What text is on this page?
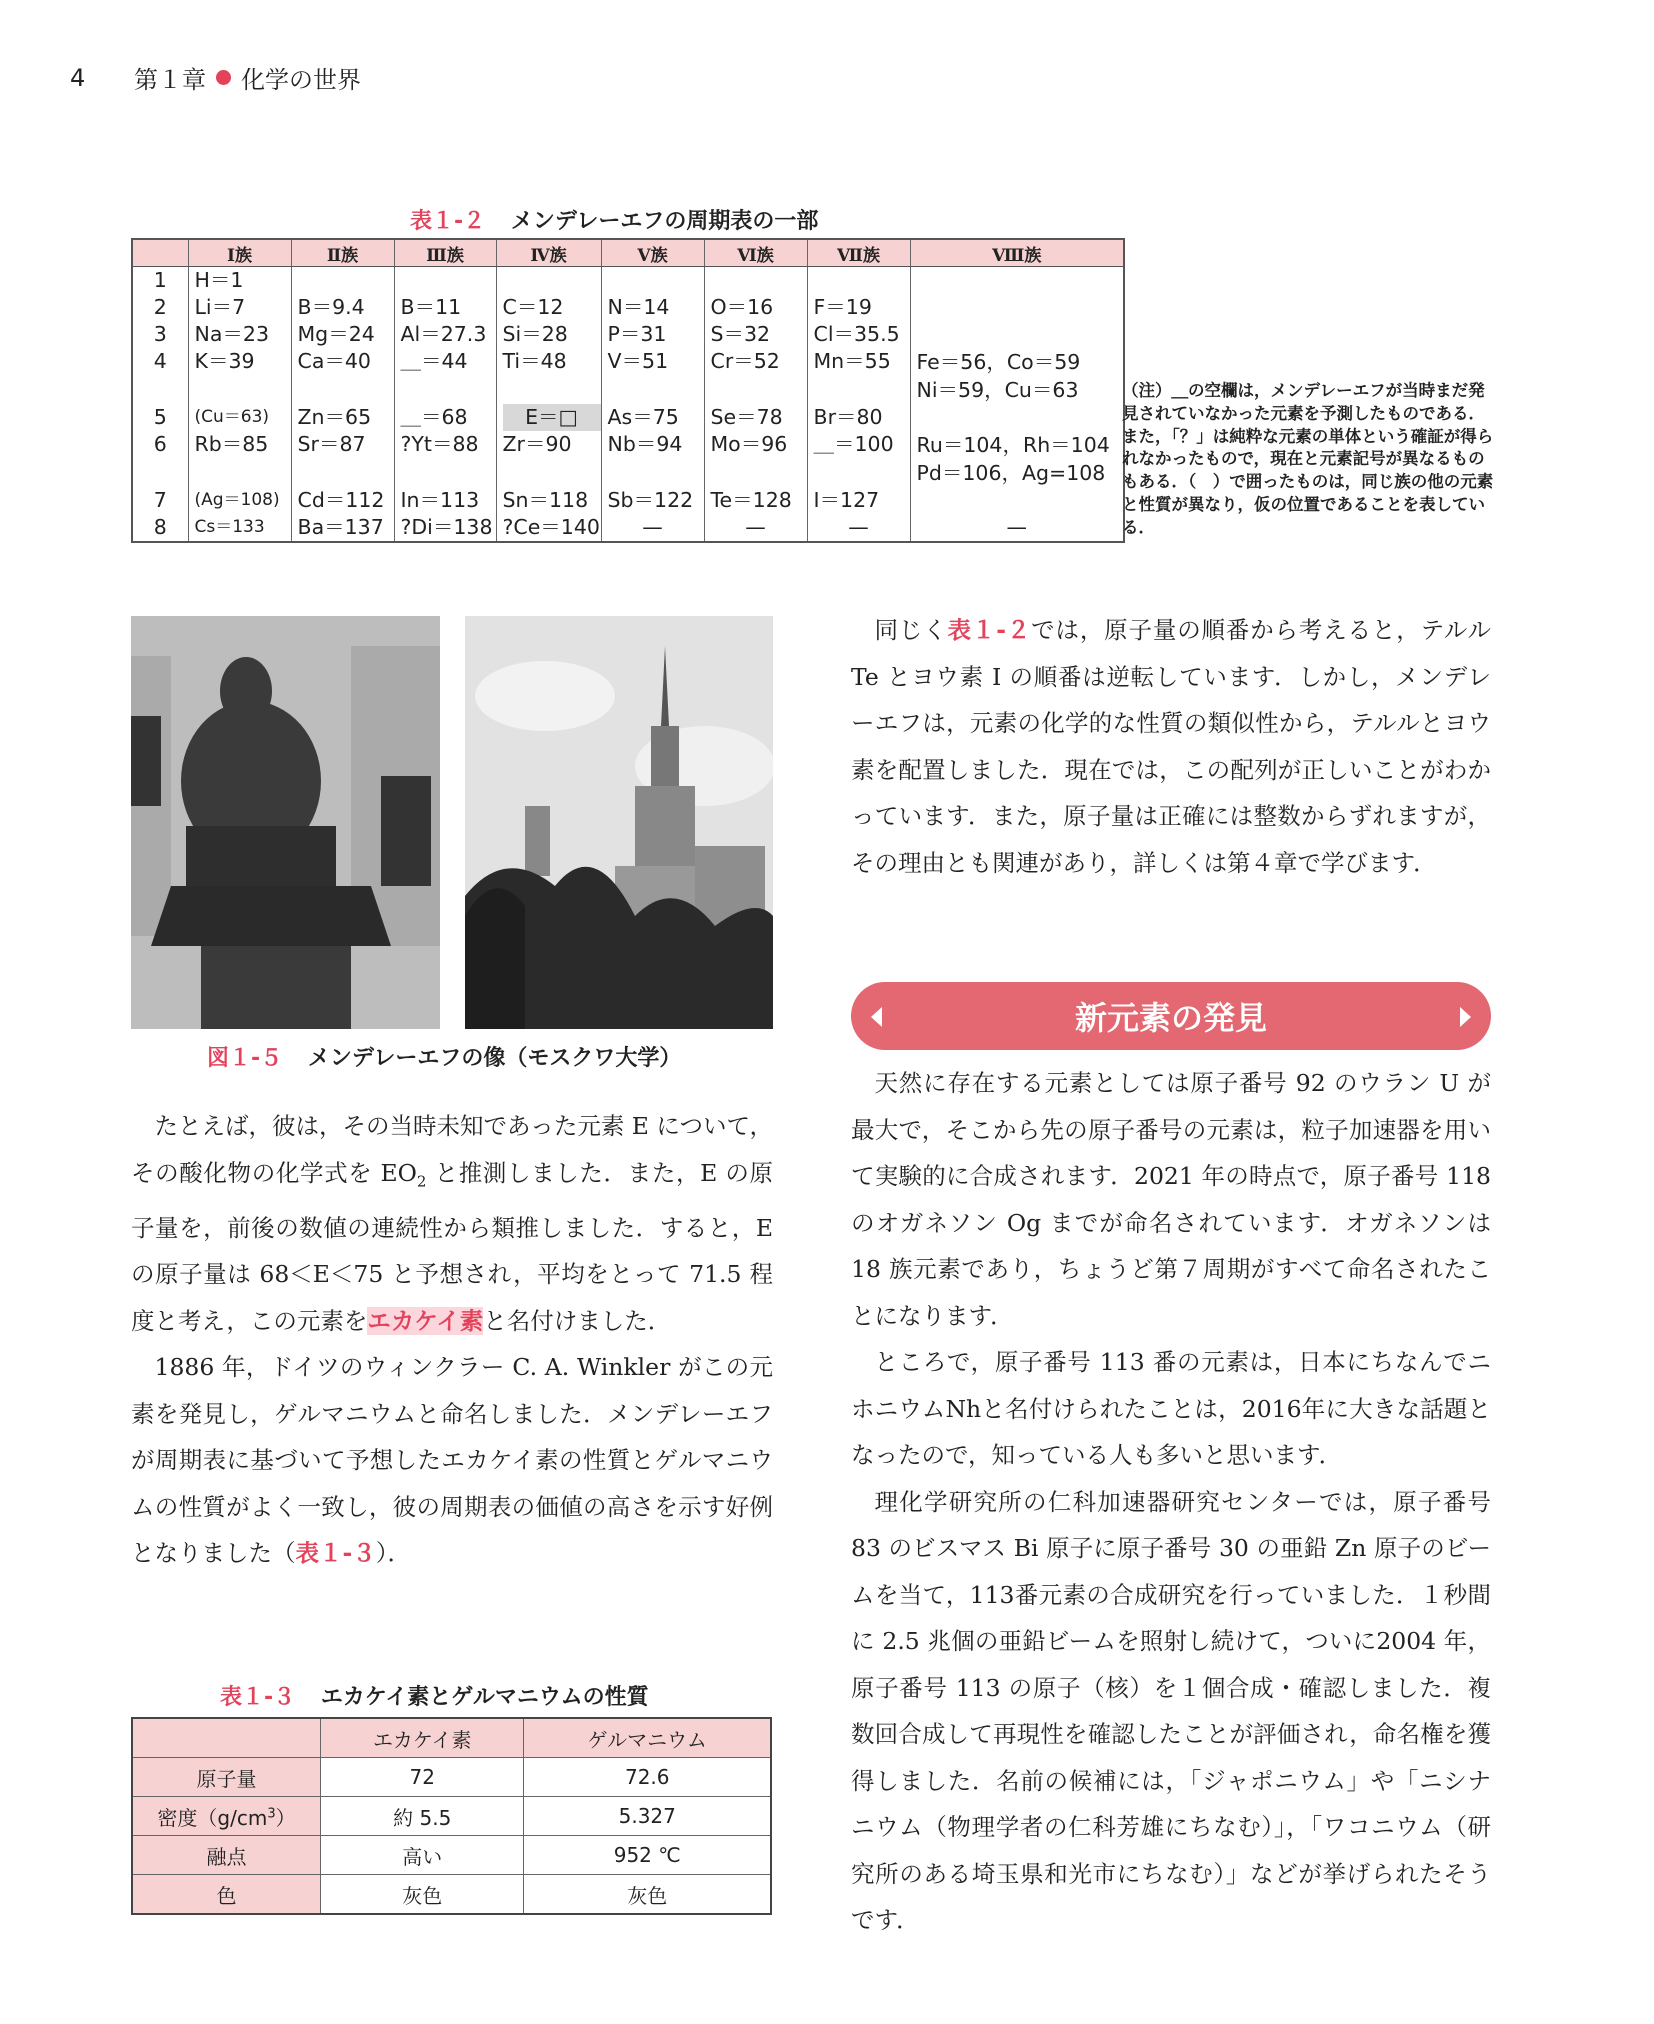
4	第１章 化学の世界
表１-２ メンデレーエフの周期表の一部
	Ⅰ族	Ⅱ族	Ⅲ族	Ⅳ族	Ⅴ族	Ⅵ族	Ⅶ族	Ⅷ族
1	H＝1							
2	Li＝7	B＝9.4	B＝11	C＝12	N＝14	O＝16	F＝19	
3	Na＝23	Mg＝24	Al＝27.3	Si＝28	P＝31	S＝32	Cl＝35.5	
4	K＝39	Ca＝40	＿＝44	Ti＝48	V＝51	Cr＝52	Mn＝55	Fe＝56，Co＝59
Ni＝59，Cu＝63
5	(Cu＝63)	Zn＝65	＿＝68	E＝□	As＝75	Se＝78	Br＝80	
6	Rb＝85	Sr＝87	?Yt＝88	Zr＝90	Nb＝94	Mo＝96	＿＝100	Ru＝104，Rh＝104
Pd＝106，Ag=108
7	(Ag＝108)	Cd＝112	In＝113	Sn＝118	Sb＝122	Te＝128	I＝127	
8	Cs＝133	Ba＝137	?Di＝138	?Ce＝140	—	—	—	—
（注）＿の空欄は，メンデレーエフが当時まだ発見されていなかった元素を予測したものである．また，「？」は純粋な元素の単体という確証が得られなかったもので，現在と元素記号が異なるものもある．（　）で囲ったものは，同じ族の他の元素と性質が異なり，仮の位置であることを表している．
図１-５ メンデレーエフの像（モスクワ大学）

たとえば，彼は，その当時未知であった元素 E について，その酸化物の化学式を $EO_2$ と推測しました．また，E の原子量を，前後の数値の連続性から類推しました．すると，E の原子量は 68＜E＜75 と予想され，平均をとって 71.5 程度と考え，この元素をエカケイ素と名付けました．

1886 年，ドイツのウィンクラー C. A. Winkler がこの元素を発見し，ゲルマニウムと命名しました．メンデレーエフが周期表に基づいて予想したエカケイ素の性質とゲルマニウムの性質がよく一致し，彼の周期表の価値の高さを示す好例となりました（表１-３）．

表１-３ エカケイ素とゲルマニウムの性質
	エカケイ素	ゲルマニウム
原子量	72	72.6
密度$(g/cm^3)$	約 5.5	5.327
融点	高い	952 ℃
色	灰色	灰色

同じく表１-２では，原子量の順番から考えると，テルル Te とヨウ素 I の順番は逆転しています．しかし，メンデレーエフは，元素の化学的な性質の類似性から，テルルとヨウ素を配置しました．現在では，この配列が正しいことがわかっています．また，原子量は正確には整数からずれますが，その理由とも関連があり，詳しくは第４章で学びます．

新元素の発見

天然に存在する元素としては原子番号 92 のウラン U が最大で，そこから先の原子番号の元素は，粒子加速器を用いて実験的に合成されます．2021 年の時点で，原子番号 118 のオガネソン Og までが命名されています．オガネソンは 18 族元素であり，ちょうど第７周期がすべて命名されたことになります．

ところで，原子番号 113 番の元素は，日本にちなんでニホニウムNhと名付けられたことは，2016年に大きな話題となったので，知っている人も多いと思います．

理化学研究所の仁科加速器研究センターでは，原子番号 83 のビスマス Bi 原子に原子番号 30 の亜鉛 Zn 原子のビームを当て，113番元素の合成研究を行っていました．１秒間に 2.5 兆個の亜鉛ビームを照射し続けて，ついに2004 年，原子番号 113 の原子（核）を１個合成・確認しました．複数回合成して再現性を確認したことが評価され，命名権を獲得しました．名前の候補には，「ジャポニウム」や「ニシナニウム（物理学者の仁科芳雄にちなむ）」，「ワコニウム（研究所のある埼玉県和光市にちなむ）」などが挙げられたそうです．
